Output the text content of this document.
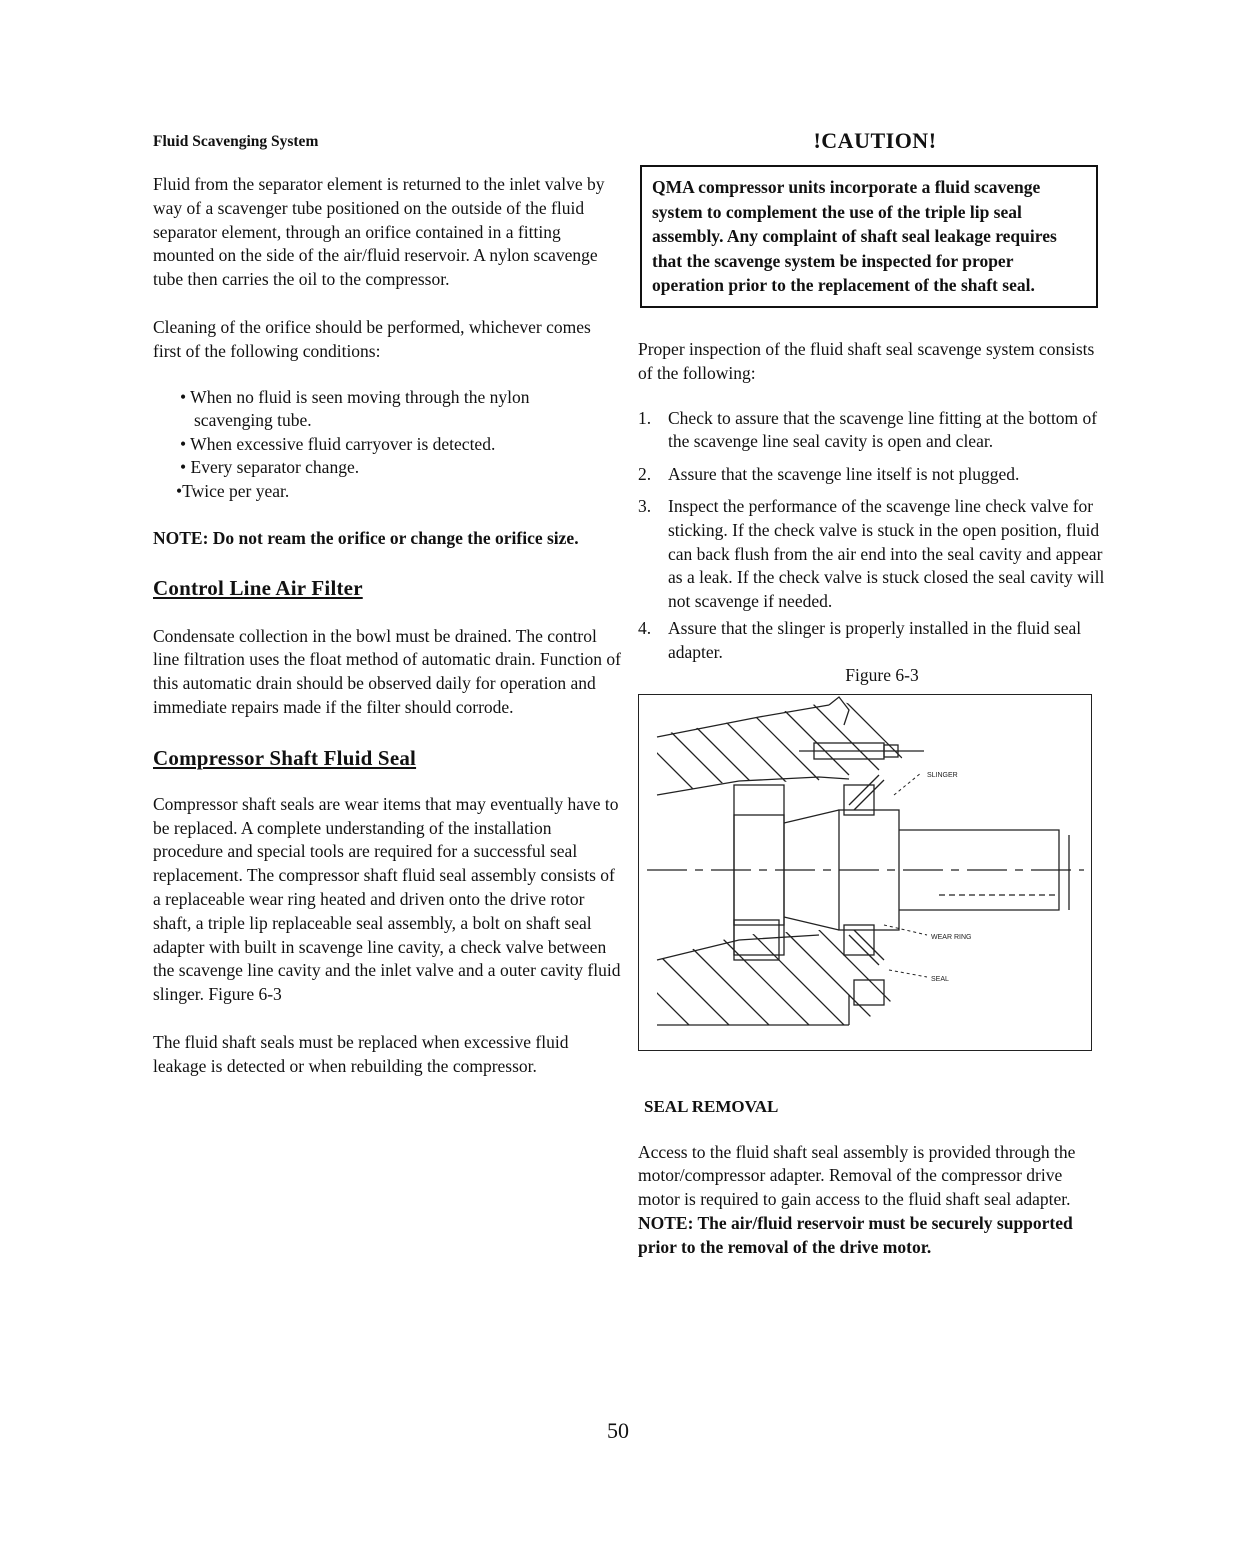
Fluid Scavenging System

Fluid from the separator element is returned to the inlet valve by way of a scavenger tube positioned on the outside of the fluid separator element, through an orifice contained in a fitting mounted on the side of the air/fluid reservoir. A nylon scavenge tube then carries the oil to the compressor.

Cleaning of the orifice should be performed, whichever comes first of the following conditions:

• When no fluid is seen moving through the nylon
scavenging tube.
• When excessive fluid carryover is detected.
• Every separator change.
•Twice per year.

NOTE: Do not ream the orifice or change the orifice size.

Control Line Air Filter

Condensate collection in the bowl must be drained. The control line filtration uses the float method of automatic drain. Function of this automatic drain should be observed daily for operation and immediate repairs made if the filter should corrode.

Compressor Shaft Fluid Seal

Compressor shaft seals are wear items that may eventually have to be replaced. A complete understanding of the installation procedure and special tools are required for a successful seal replacement. The compressor shaft fluid seal assembly consists of a replaceable wear ring heated and driven onto the drive rotor shaft, a triple lip replaceable seal assembly, a bolt on shaft seal adapter with built in scavenge line cavity, a check valve between the scavenge line cavity and the inlet valve and a outer cavity fluid slinger. Figure 6-3

The fluid shaft seals must be replaced when excessive fluid leakage is detected or when rebuilding the compressor.

!CAUTION!

QMA compressor units incorporate a fluid scavenge system to complement the use of the triple lip seal assembly. Any complaint of shaft seal leakage requires that the scavenge system be inspected for proper operation prior to the replacement of the shaft seal.

Proper inspection of the fluid shaft seal scavenge system consists of the following:

1. Check to assure that the scavenge line fitting at the bottom of the scavenge line seal cavity is open and clear.
2. Assure that the scavenge line itself is not plugged.
3. Inspect the performance of the scavenge line check valve for sticking. If the check valve is stuck in the open position, fluid can back flush from the air end into the seal cavity and appear as a leak. If the check valve is stuck closed the seal cavity will not scavenge if needed.
4. Assure that the slinger is properly installed in the fluid seal adapter.

Figure 6-3

SLINGER
WEAR RING
SEAL
SEAL REMOVAL

Access to the fluid shaft seal assembly is provided through the motor/compressor adapter. Removal of the compressor drive motor is required to gain access to the fluid shaft seal adapter. NOTE: The air/fluid reservoir must be securely supported prior to the removal of the drive motor.

50
